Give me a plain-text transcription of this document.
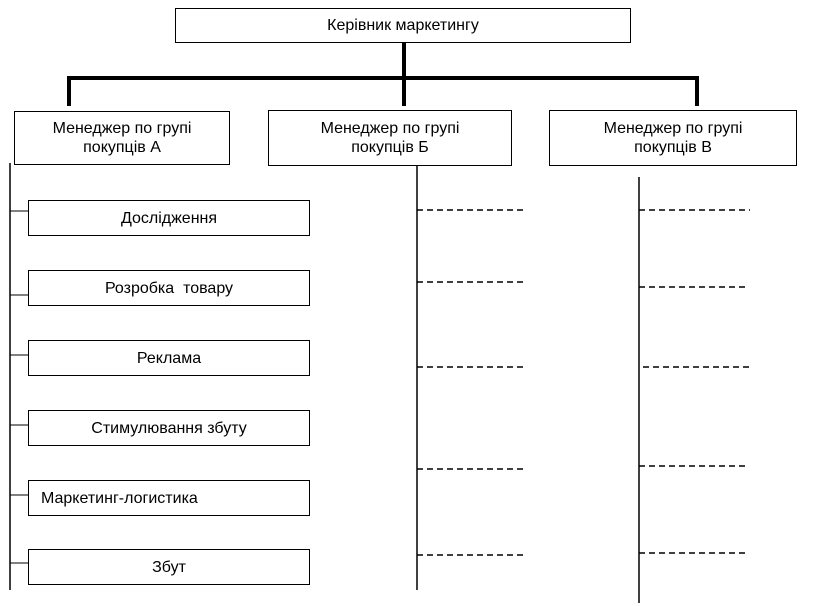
Керівник маркетингу
Менеджер по групі покупців А
Менеджер по групі покупців Б
Менеджер по групі покупців В
Дослідження
Розробка  товару
Реклама
Стимулювання збуту
Маркетинг-логистика
Збут
